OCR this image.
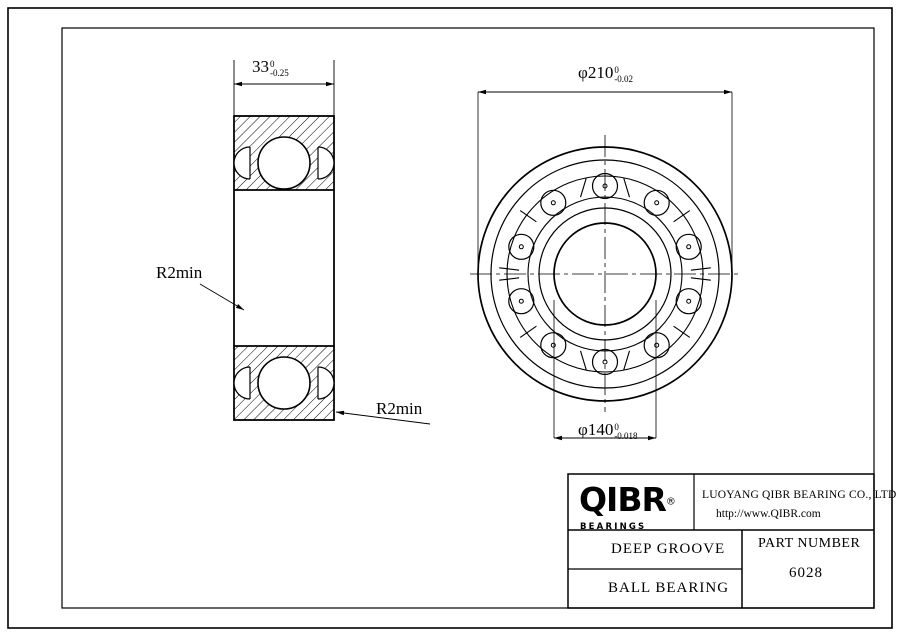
33 0
-0.25	φ210 0
-0.02
φ140 0
-0.018
R2min
R2min
QIBR®
BEARINGS
LUOYANG QIBR BEARING CO., LTD
http://www.QIBR.com
DEEP GROOVE
BALL BEARING
PART NUMBER
6028
